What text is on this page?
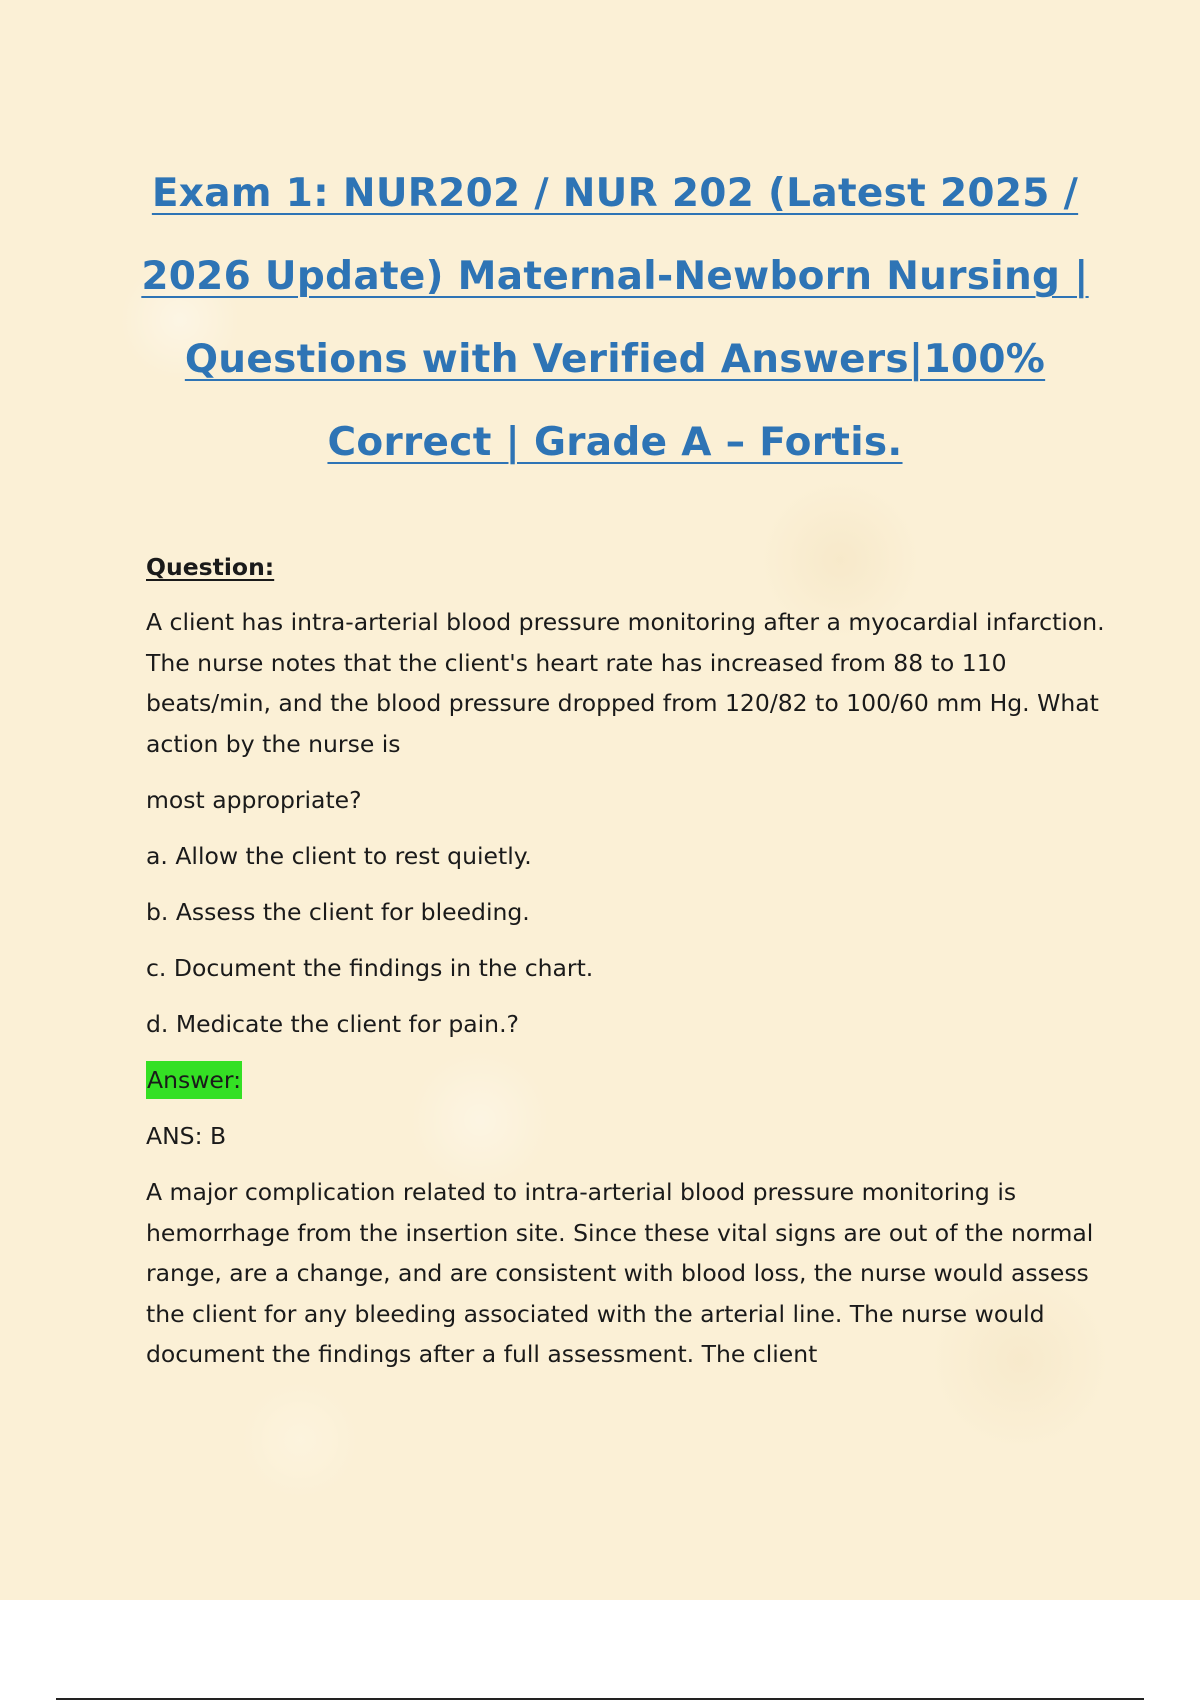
Exam 1: NUR202 / NUR 202 (Latest 2025 /
2026 Update) Maternal-Newborn Nursing |
Questions with Verified Answers|100%
Correct | Grade A – Fortis.

Question:

A client has intra-arterial blood pressure monitoring after a myocardial infarction. The nurse notes that the client's heart rate has increased from 88 to 110 beats/min, and the blood pressure dropped from 120/82 to 100/60 mm Hg. What action by the nurse is

most appropriate?

a. Allow the client to rest quietly.

b. Assess the client for bleeding.

c. Document the findings in the chart.

d. Medicate the client for pain.?

Answer:

ANS: B

A major complication related to intra-arterial blood pressure monitoring is hemorrhage from the insertion site. Since these vital signs are out of the normal range, are a change, and are consistent with blood loss, the nurse would assess the client for any bleeding associated with the arterial line. The nurse would document the findings after a full assessment. The client
